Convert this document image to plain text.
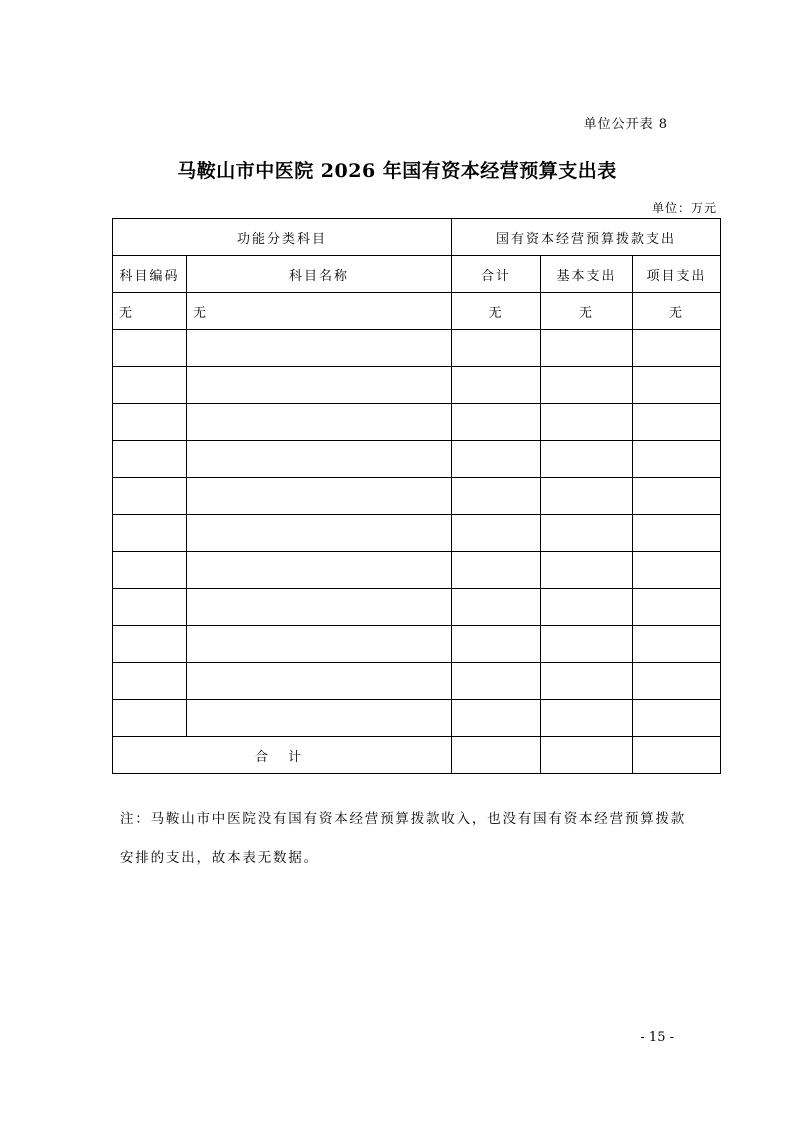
单位公开表 8
马鞍山市中医院 2026 年国有资本经营预算支出表
单位：万元
功能分类科目		国有资本经营预算拨款支出		
科目编码	科目名称	合计	基本支出	项目支出
无	无	无	无	无

合 计				

注：马鞍山市中医院没有国有资本经营预算拨款收入，也没有国有资本经营预算拨款

安排的支出，故本表无数据。

- 15 -
